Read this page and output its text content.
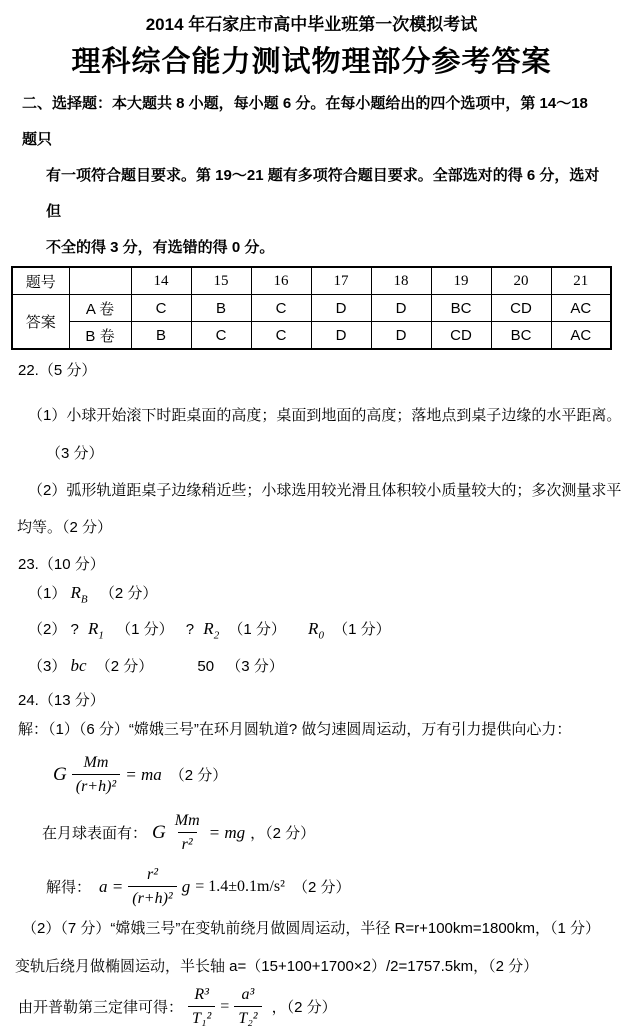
2014 年石家庄市高中毕业班第一次模拟考试
理科综合能力测试物理部分参考答案
二、选择题：本大题共 8 小题，每小题 6 分。在每小题给出的四个选项中，第 14～18 题只
有一项符合题目要求。第 19～21 题有多项符合题目要求。全部选对的得 6 分，选对但
不全的得 3 分，有选错的得 0 分。
题号		14	15	16	17	18	19	20	21
答案	A 卷	C	B	C	D	D	BC	CD	AC
	B 卷	B	C	C	D	D	CD	BC	AC
22.（5 分）
（1）小球开始滚下时距桌面的高度；桌面到地面的高度；落地点到桌子边缘的水平距离。
（3 分）
（2）弧形轨道距桌子边缘稍近些；小球选用较光滑且体积较小质量较大的；多次测量求平
均等。（2 分）
23.（10 分）
（1） $R_B$ （2 分）
（2） ? $R_1$ （1 分） ? $R_2$ （1 分） $R_0$ （1 分）
（3） bc （2 分）	50 （3 分）
24.（13 分）
解：（1）（6 分）“嫦娥三号”在环月圆轨道? 做匀速圆周运动，万有引力提供向心力：
G $\frac{Mm}{\text{(r+h)²}}$ = ma （2 分）
在月球表面有： G $\frac{Mm}{\text{r²}}$ = mg ，（2 分）
解得： $a = \frac{\text{r²}}{\text{(r+h)²}}$ g = 1.4±0.1m/s² （2 分）
（2）（7 分）“嫦娥三号”在变轨前绕月做圆周运动，半径 R=r+100km=1800km，（1 分）
变轨后绕月做椭圆运动，半长轴 a=（15+100+1700×2）/2=1757.5km，（2 分）
由开普勒第三定律可得： $\frac{\text{R³}}{\text{T₁²}} = \frac{\text{a³}}{\text{T₂²}}$ ，（2 分）
